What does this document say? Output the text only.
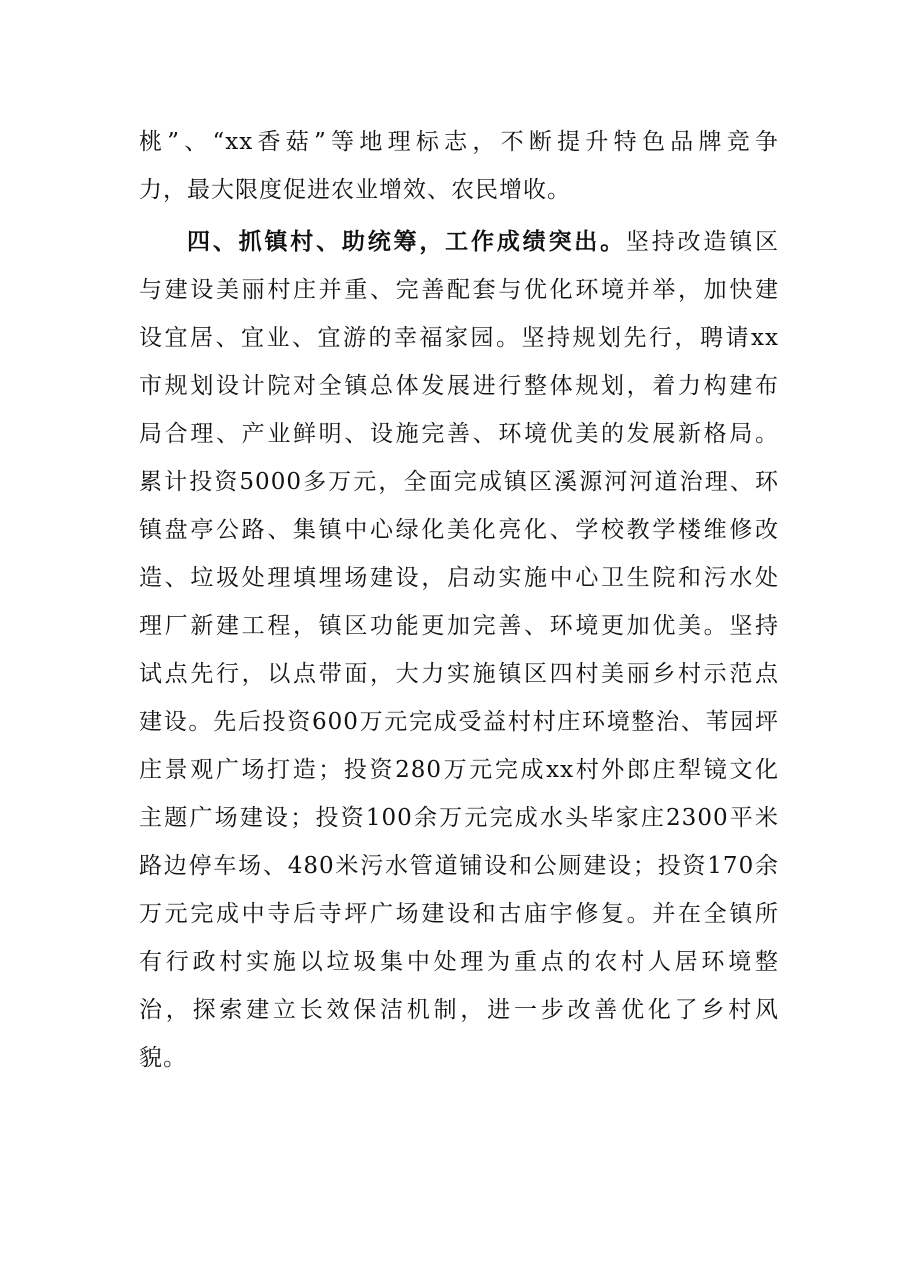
桃”、“xx香菇”等地理标志，不断提升特色品牌竞争
力，最大限度促进农业增效、农民增收。
四、抓镇村、助统筹，工作成绩突出。坚持改造镇区
与建设美丽村庄并重、完善配套与优化环境并举，加快建
设宜居、宜业、宜游的幸福家园。坚持规划先行，聘请xx
市规划设计院对全镇总体发展进行整体规划，着力构建布
局合理、产业鲜明、设施完善、环境优美的发展新格局。
累计投资5000多万元，全面完成镇区溪源河河道治理、环
镇盘亭公路、集镇中心绿化美化亮化、学校教学楼维修改
造、垃圾处理填埋场建设，启动实施中心卫生院和污水处
理厂新建工程，镇区功能更加完善、环境更加优美。坚持
试点先行，以点带面，大力实施镇区四村美丽乡村示范点
建设。先后投资600万元完成受益村村庄环境整治、苇园坪
庄景观广场打造；投资280万元完成xx村外郎庄犁镜文化
主题广场建设；投资100余万元完成水头毕家庄2300平米
路边停车场、480米污水管道铺设和公厕建设；投资170余
万元完成中寺后寺坪广场建设和古庙宇修复。并在全镇所
有行政村实施以垃圾集中处理为重点的农村人居环境整
治，探索建立长效保洁机制，进一步改善优化了乡村风
貌。
